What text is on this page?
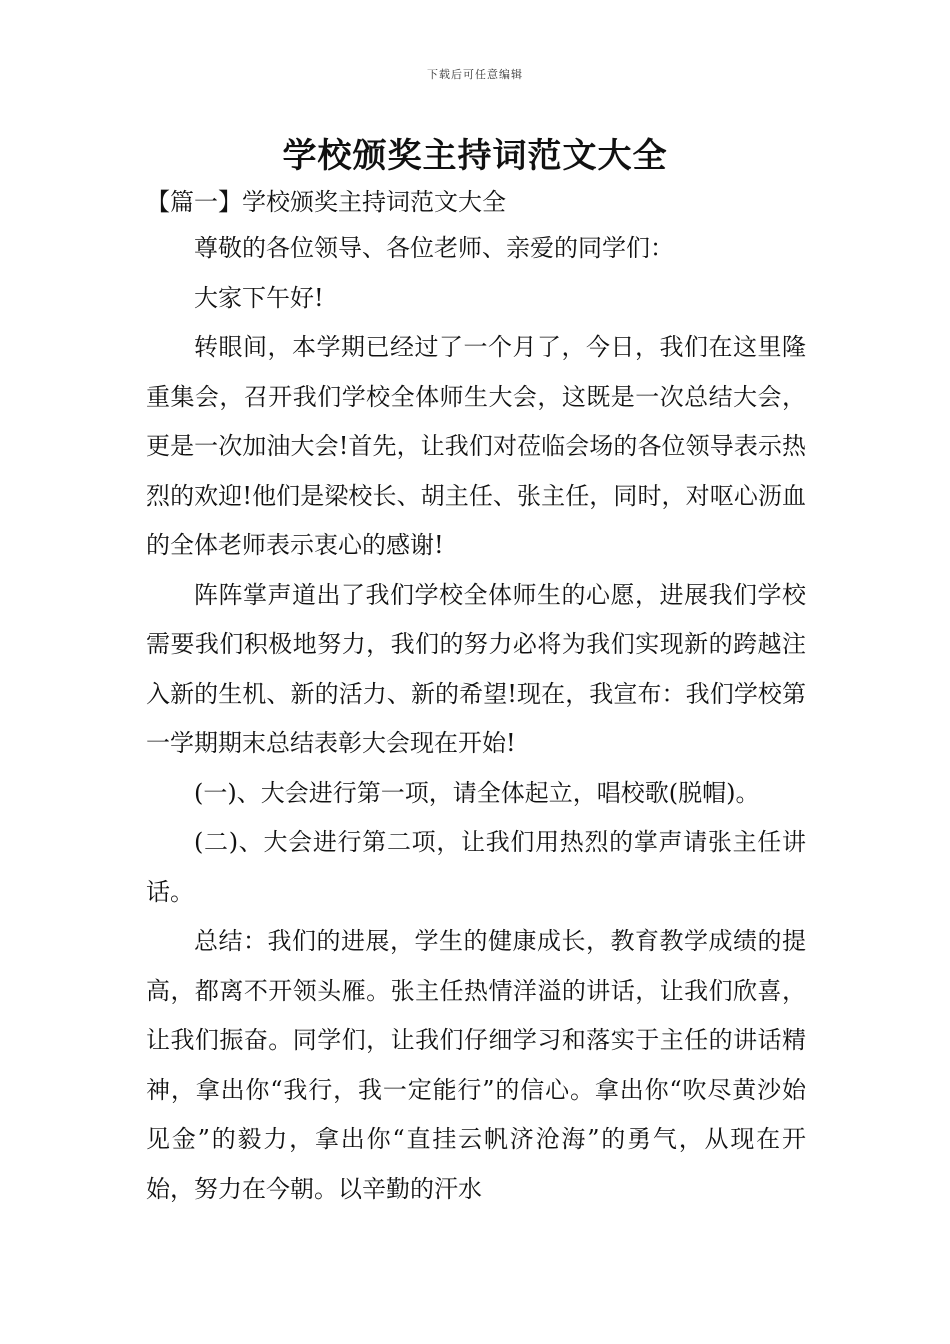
下载后可任意编辑
学校颁奖主持词范文大全
【篇一】学校颁奖主持词范文大全

尊敬的各位领导、各位老师、亲爱的同学们：

大家下午好!

转眼间，本学期已经过了一个月了，今日，我们在这里隆重集会，召开我们学校全体师生大会，这既是一次总结大会，更是一次加油大会!首先，让我们对莅临会场的各位领导表示热烈的欢迎!他们是梁校长、胡主任、张主任，同时，对呕心沥血的全体老师表示衷心的感谢!

阵阵掌声道出了我们学校全体师生的心愿，进展我们学校需要我们积极地努力，我们的努力必将为我们实现新的跨越注入新的生机、新的活力、新的希望!现在，我宣布：我们学校第一学期期末总结表彰大会现在开始!

(一)、大会进行第一项，请全体起立，唱校歌(脱帽)。

(二)、大会进行第二项，让我们用热烈的掌声请张主任讲话。

总结：我们的进展，学生的健康成长，教育教学成绩的提高，都离不开领头雁。张主任热情洋溢的讲话，让我们欣喜，让我们振奋。同学们，让我们仔细学习和落实于主任的讲话精神，拿出你“我行，我一定能行”的信心。拿出你“吹尽黄沙始见金”的毅力，拿出你“直挂云帆济沧海”的勇气，从现在开始，努力在今朝。以辛勤的汗水
